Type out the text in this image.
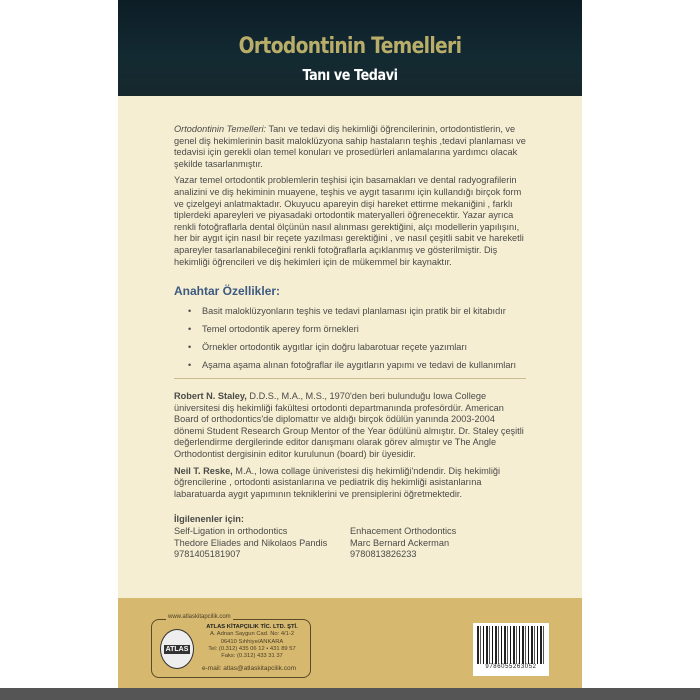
Ortodontinin Temelleri
Tanı ve Tedavi

Ortodontinin Temelleri: Tanı ve tedavi diş hekimliği öğrencilerinin, ortodontistlerin, ve genel diş hekimlerinin basit maloklüzyona sahip hastaların teşhis ,tedavi planlaması ve tedavisi için gerekli olan temel konuları ve prosedürleri anlamalarına yardımcı olacak şekilde tasarlanmıştır.

Yazar temel ortodontik problemlerin teşhisi için basamakları ve dental radyografilerin analizini ve diş hekiminin muayene, teşhis ve aygıt tasarımı için kullandığı birçok form ve çizelgeyi anlatmaktadır. Okuyucu apareyin dişi hareket ettirme mekaniğini , farklı tiplerdeki apareyleri ve piyasadaki ortodontik materyalleri öğrenecektir. Yazar ayrıca renkli fotoğraflarla dental ölçünün nasıl alınması gerektiğini, alçı modellerin yapılışını, her bir aygıt için nasıl bir reçete yazılması gerektiğini , ve nasıl çeşitli sabit ve hareketli apareyler tasarlanabileceğini renkli fotoğraflarla açıklanmış ve gösterilmiştir. Diş hekimliği öğrencileri ve diş hekimleri için de mükemmel bir kaynaktır.

Anahtar Özellikler:
• Basit maloklüzyonların teşhis ve tedavi planlaması için pratik bir el kitabıdır
• Temel ortodontik aperey form örnekleri
• Örnekler ortodontik aygıtlar için doğru labarotuar reçete yazımları
• Aşama aşama alınan fotoğraflar ile aygıtların yapımı ve tedavi de kullanımları

Robert N. Staley, D.D.S., M.A., M.S., 1970'den beri bulunduğu Iowa College üniversitesi diş hekimliği fakültesi ortodonti departmanında profesördür. American Board of orthodontics'de diplomattır ve aldığı birçok ödülün yanında 2003-2004 dönemi Student Research Group Mentor of the Year ödülünü almıştır. Dr. Staley çeşitli değerlendirme dergilerinde editor danışmanı olarak görev almıştır ve The Angle Orthodontist dergisinin editor kurulunun (board) bir üyesidir.

Neil T. Reske, M.A., Iowa collage üniveristesi diş hekimliği'ndendir. Diş hekimliği öğrencilerine , ortodonti asistanlarına ve pediatrik diş hekimliği asistanlarına labaratuarda aygıt yapımının tekniklerini ve prensiplerini öğretmektedir.

İlgilenenler için:

Self-Ligation in orthodontics

Thedore Eliades and Nikolaos Pandis

9781405181907

Enhacement Orthodontics

Marc Bernard Ackerman

9780813826233

www.atlaskitapcilik.com
ATLAS
ATLAS KİTAPÇILIK TİC. LTD. ŞTİ.
A. Adnan Saygun Cad. No: 4/1-2
06410 Sıhhiye/ANKARA
Tel: (0.312) 435 06 12 • 431 89 57
Faks: (0.312) 433 31 37
e-mail: atlas@atlaskitapcilik.com	9786055263052
